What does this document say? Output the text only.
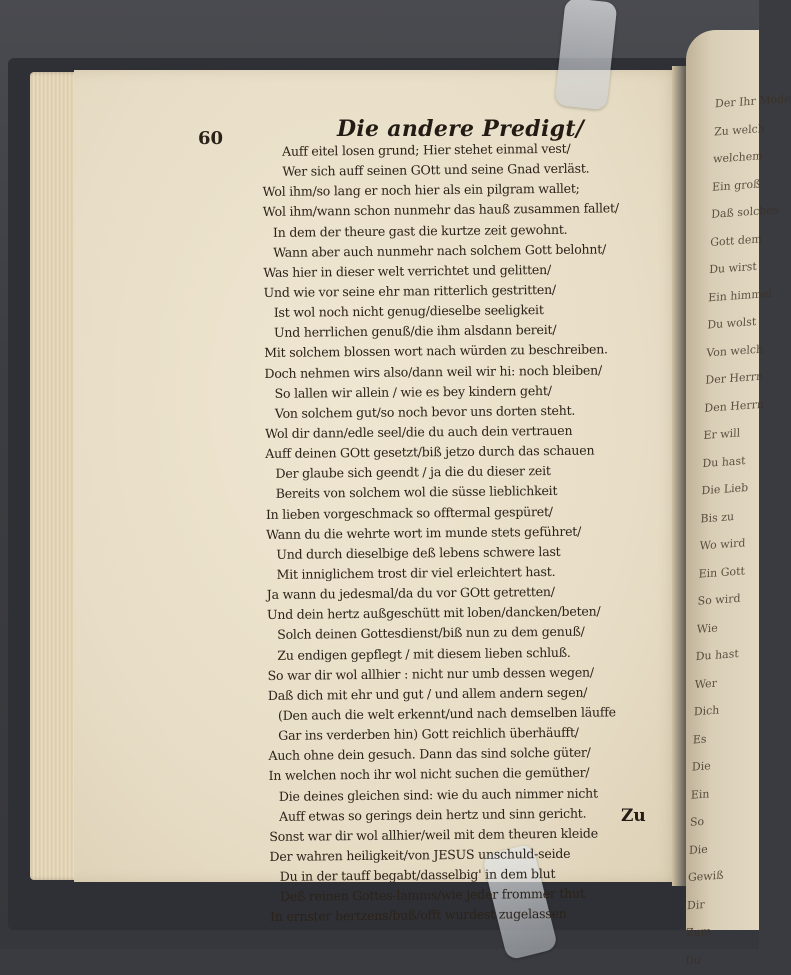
Der Ihr Mode
Zu welch
welchem
Ein groß
Daß solches
Gott dem
Du wirst
Ein himmel
Du wolst
Von welch
Der Herrn
Den Herrn
Er will
Du hast
Die Lieb
Bis zu
Wo wird
Ein Gott
So wird
Wie
Du hast
Wer
Dich
Es
Die
Ein
So
Die
Gewiß
Dir
Zum
Du
60	Die andere Predigt/
Auff eitel losen grund; Hier stehet einmal vest/
Wer sich auff seinen GOtt und seine Gnad verläst.
Wol ihm/so lang er noch hier als ein pilgram wallet;
Wol ihm/wann schon nunmehr das hauß zusammen fallet/
In dem der theure gast die kurtze zeit gewohnt.
Wann aber auch nunmehr nach solchem Gott belohnt/
Was hier in dieser welt verrichtet und gelitten/
Und wie vor seine ehr man ritterlich gestritten/
Ist wol noch nicht genug/dieselbe seeligkeit
Und herrlichen genuß/die ihm alsdann bereit/
Mit solchem blossen wort nach würden zu beschreiben.
Doch nehmen wirs also/dann weil wir hi: noch bleiben/
So lallen wir allein / wie es bey kindern geht/
Von solchem gut/so noch bevor uns dorten steht.
Wol dir dann/edle seel/die du auch dein vertrauen
Auff deinen GOtt gesetzt/biß jetzo durch das schauen
Der glaube sich geendt / ja die du dieser zeit
Bereits von solchem wol die süsse lieblichkeit
In lieben vorgeschmack so offtermal gespüret/
Wann du die wehrte wort im munde stets geführet/
Und durch dieselbige deß lebens schwere last
Mit inniglichem trost dir viel erleichtert hast.
Ja wann du jedesmal/da du vor GOtt getretten/
Und dein hertz außgeschütt mit loben/dancken/beten/
Solch deinen Gottesdienst/biß nun zu dem genuß/
Zu endigen gepflegt / mit diesem lieben schluß.
So war dir wol allhier : nicht nur umb dessen wegen/
Daß dich mit ehr und gut / und allem andern segen/
(Den auch die welt erkennt/und nach demselben läuffe
Gar ins verderben hin) Gott reichlich überhäufft/
Auch ohne dein gesuch. Dann das sind solche güter/
In welchen noch ihr wol nicht suchen die gemüther/
Die deines gleichen sind: wie du auch nimmer nicht
Auff etwas so gerings dein hertz und sinn gericht.
Sonst war dir wol allhier/weil mit dem theuren kleide
Der wahren heiligkeit/von JESUS unschuld-seide
Du in der tauff begabt/dasselbig' in dem blut
Deß reinen Gottes-lamms/wie jeder frommer thut
In ernster hertzens/buß/offt wurdest zugelassen
Zu
